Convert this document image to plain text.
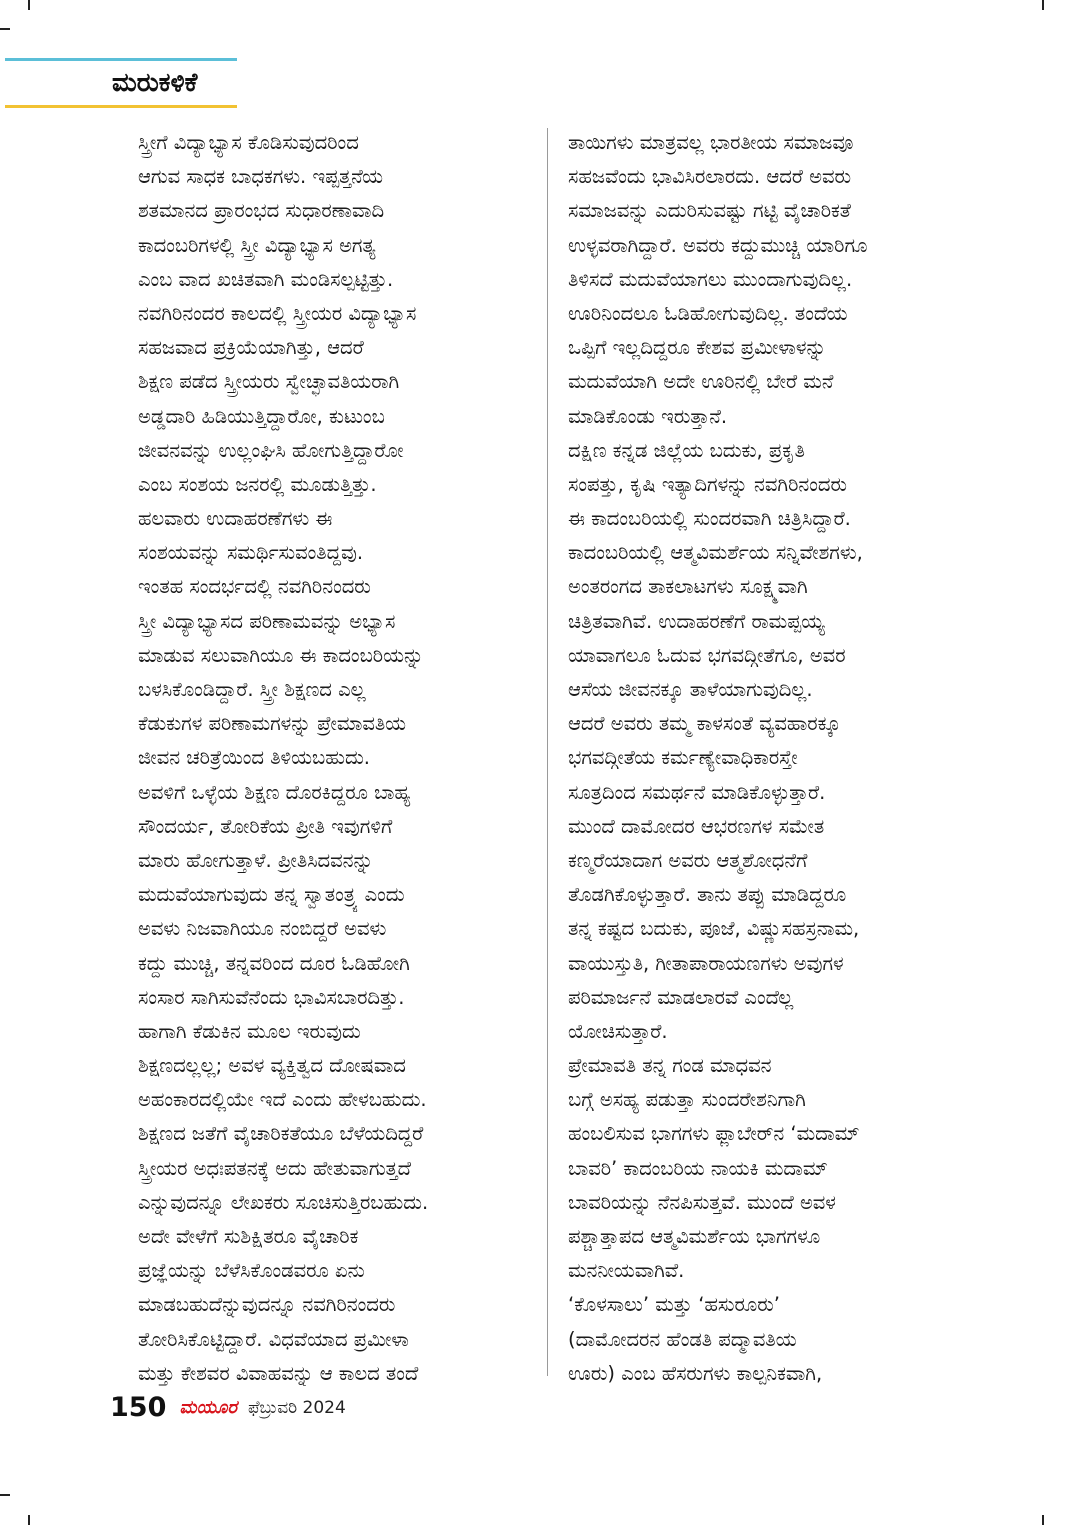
ಮರುಕಳಿಕೆ
ಸ್ತ್ರೀಗೆ ವಿದ್ಯಾಭ್ಯಾಸ ಕೊಡಿಸುವುದರಿಂದ
ಆಗುವ ಸಾಧಕ ಬಾಧಕಗಳು. ಇಪ್ಪತ್ತನೆಯ
ಶತಮಾನದ ಪ್ರಾರಂಭದ ಸುಧಾರಣಾವಾದಿ
ಕಾದಂಬರಿಗಳಲ್ಲಿ ಸ್ತ್ರೀ ವಿದ್ಯಾಭ್ಯಾಸ ಅಗತ್ಯ
ಎಂಬ ವಾದ ಖಚಿತವಾಗಿ ಮಂಡಿಸಲ್ಪಟ್ಟಿತ್ತು.
ನವಗಿರಿನಂದರ ಕಾಲದಲ್ಲಿ ಸ್ತ್ರೀಯರ ವಿದ್ಯಾಭ್ಯಾಸ
ಸಹಜವಾದ ಪ್ರಕ್ರಿಯೆಯಾಗಿತ್ತು, ಆದರೆ
ಶಿಕ್ಷಣ ಪಡೆದ ಸ್ತ್ರೀಯರು ಸ್ವೇಚ್ಛಾವತಿಯರಾಗಿ
ಅಡ್ಡದಾರಿ ಹಿಡಿಯುತ್ತಿದ್ದಾರೋ, ಕುಟುಂಬ
ಜೀವನವನ್ನು ಉಲ್ಲಂಘಿಸಿ ಹೋಗುತ್ತಿದ್ದಾರೋ
ಎಂಬ ಸಂಶಯ ಜನರಲ್ಲಿ ಮೂಡುತ್ತಿತ್ತು.
ಹಲವಾರು ಉದಾಹರಣೆಗಳು ಈ
ಸಂಶಯವನ್ನು ಸಮರ್ಥಿಸುವಂತಿದ್ದವು.
ಇಂತಹ ಸಂದರ್ಭದಲ್ಲಿ ನವಗಿರಿನಂದರು
ಸ್ತ್ರೀ ವಿದ್ಯಾಭ್ಯಾಸದ ಪರಿಣಾಮವನ್ನು ಅಭ್ಯಾಸ
ಮಾಡುವ ಸಲುವಾಗಿಯೂ ಈ ಕಾದಂಬರಿಯನ್ನು
ಬಳಸಿಕೊಂಡಿದ್ದಾರೆ. ಸ್ತ್ರೀ ಶಿಕ್ಷಣದ ಎಲ್ಲ
ಕೆಡುಕುಗಳ ಪರಿಣಾಮಗಳನ್ನು ಪ್ರೇಮಾವತಿಯ
ಜೀವನ ಚರಿತ್ರೆಯಿಂದ ತಿಳಿಯಬಹುದು.
ಅವಳಿಗೆ ಒಳ್ಳೆಯ ಶಿಕ್ಷಣ ದೊರಕಿದ್ದರೂ ಬಾಹ್ಯ
ಸೌಂದರ್ಯ, ತೋರಿಕೆಯ ಪ್ರೀತಿ ಇವುಗಳಿಗೆ
ಮಾರು ಹೋಗುತ್ತಾಳೆ. ಪ್ರೀತಿಸಿದವನನ್ನು
ಮದುವೆಯಾಗುವುದು ತನ್ನ ಸ್ವಾತಂತ್ರ್ಯ ಎಂದು
ಅವಳು ನಿಜವಾಗಿಯೂ ನಂಬಿದ್ದರೆ ಅವಳು
ಕದ್ದು ಮುಚ್ಚಿ, ತನ್ನವರಿಂದ ದೂರ ಓಡಿಹೋಗಿ
ಸಂಸಾರ ಸಾಗಿಸುವೆನೆಂದು ಭಾವಿಸಬಾರದಿತ್ತು.
ಹಾಗಾಗಿ ಕೆಡುಕಿನ ಮೂಲ ಇರುವುದು
ಶಿಕ್ಷಣದಲ್ಲಲ್ಲ; ಅವಳ ವ್ಯಕ್ತಿತ್ವದ ದೋಷವಾದ
ಅಹಂಕಾರದಲ್ಲಿಯೇ ಇದೆ ಎಂದು ಹೇಳಬಹುದು.
ಶಿಕ್ಷಣದ ಜತೆಗೆ ವೈಚಾರಿಕತೆಯೂ ಬೆಳೆಯದಿದ್ದರೆ
ಸ್ತ್ರೀಯರ ಅಧಃಪತನಕ್ಕೆ ಅದು ಹೇತುವಾಗುತ್ತದೆ
ಎನ್ನುವುದನ್ನೂ ಲೇಖಕರು ಸೂಚಿಸುತ್ತಿರಬಹುದು.
ಅದೇ ವೇಳೆಗೆ ಸುಶಿಕ್ಷಿತರೂ ವೈಚಾರಿಕ
ಪ್ರಜ್ಞೆಯನ್ನು ಬೆಳೆಸಿಕೊಂಡವರೂ ಏನು
ಮಾಡಬಹುದೆನ್ನುವುದನ್ನೂ ನವಗಿರಿನಂದರು
ತೋರಿಸಿಕೊಟ್ಟಿದ್ದಾರೆ. ವಿಧವೆಯಾದ ಪ್ರಮೀಳಾ
ಮತ್ತು ಕೇಶವರ ವಿವಾಹವನ್ನು ಆ ಕಾಲದ ತಂದೆ
ತಾಯಿಗಳು ಮಾತ್ರವಲ್ಲ ಭಾರತೀಯ ಸಮಾಜವೂ
ಸಹಜವೆಂದು ಭಾವಿಸಿರಲಾರದು. ಆದರೆ ಅವರು
ಸಮಾಜವನ್ನು ಎದುರಿಸುವಷ್ಟು ಗಟ್ಟಿ ವೈಚಾರಿಕತೆ
ಉಳ್ಳವರಾಗಿದ್ದಾರೆ. ಅವರು ಕದ್ದುಮುಚ್ಚಿ ಯಾರಿಗೂ
ತಿಳಿಸದೆ ಮದುವೆಯಾಗಲು ಮುಂದಾಗುವುದಿಲ್ಲ.
ಊರಿನಿಂದಲೂ ಓಡಿಹೋಗುವುದಿಲ್ಲ. ತಂದೆಯ
ಒಪ್ಪಿಗೆ ಇಲ್ಲದಿದ್ದರೂ ಕೇಶವ ಪ್ರಮೀಳಾಳನ್ನು
ಮದುವೆಯಾಗಿ ಅದೇ ಊರಿನಲ್ಲಿ ಬೇರೆ ಮನೆ
ಮಾಡಿಕೊಂಡು ಇರುತ್ತಾನೆ.
ದಕ್ಷಿಣ ಕನ್ನಡ ಜಿಲ್ಲೆಯ ಬದುಕು, ಪ್ರಕೃತಿ
ಸಂಪತ್ತು, ಕೃಷಿ ಇತ್ಯಾದಿಗಳನ್ನು ನವಗಿರಿನಂದರು
ಈ ಕಾದಂಬರಿಯಲ್ಲಿ ಸುಂದರವಾಗಿ ಚಿತ್ರಿಸಿದ್ದಾರೆ.
ಕಾದಂಬರಿಯಲ್ಲಿ ಆತ್ಮವಿಮರ್ಶೆಯ ಸನ್ನಿವೇಶಗಳು,
ಅಂತರಂಗದ ತಾಕಲಾಟಗಳು ಸೂಕ್ಷ್ಮವಾಗಿ
ಚಿತ್ರಿತವಾಗಿವೆ. ಉದಾಹರಣೆಗೆ ರಾಮಪ್ಪಯ್ಯ
ಯಾವಾಗಲೂ ಓದುವ ಭಗವದ್ಗೀತೆಗೂ, ಅವರ
ಆಸೆಯ ಜೀವನಕ್ಕೂ ತಾಳೆಯಾಗುವುದಿಲ್ಲ.
ಆದರೆ ಅವರು ತಮ್ಮ ಕಾಳಸಂತೆ ವ್ಯವಹಾರಕ್ಕೂ
ಭಗವದ್ಗೀತೆಯ ಕರ್ಮಣ್ಯೇವಾಧಿಕಾರಸ್ತೇ
ಸೂತ್ರದಿಂದ ಸಮರ್ಥನೆ ಮಾಡಿಕೊಳ್ಳುತ್ತಾರೆ.
ಮುಂದೆ ದಾಮೋದರ ಆಭರಣಗಳ ಸಮೇತ
ಕಣ್ಮರೆಯಾದಾಗ ಅವರು ಆತ್ಮಶೋಧನೆಗೆ
ತೊಡಗಿಕೊಳ್ಳುತ್ತಾರೆ. ತಾನು ತಪ್ಪು ಮಾಡಿದ್ದರೂ
ತನ್ನ ಕಷ್ಟದ ಬದುಕು, ಪೂಜೆ, ವಿಷ್ಣುಸಹಸ್ರನಾಮ,
ವಾಯುಸ್ತುತಿ, ಗೀತಾಪಾರಾಯಣಗಳು ಅವುಗಳ
ಪರಿಮಾರ್ಜನೆ ಮಾಡಲಾರವೆ ಎಂದೆಲ್ಲ
ಯೋಚಿಸುತ್ತಾರೆ.
ಪ್ರೇಮಾವತಿ ತನ್ನ ಗಂಡ ಮಾಧವನ
ಬಗ್ಗೆ ಅಸಹ್ಯ ಪಡುತ್ತಾ ಸುಂದರೇಶನಿಗಾಗಿ
ಹಂಬಲಿಸುವ ಭಾಗಗಳು ಫ್ಲಾಬೇರ್‌ನ ‘ಮದಾಮ್
ಬಾವರಿ’ ಕಾದಂಬರಿಯ ನಾಯಕಿ ಮದಾಮ್
ಬಾವರಿಯನ್ನು ನೆನಪಿಸುತ್ತವೆ. ಮುಂದೆ ಅವಳ
ಪಶ್ಚಾತ್ತಾಪದ ಆತ್ಮವಿಮರ್ಶೆಯ ಭಾಗಗಳೂ
ಮನನೀಯವಾಗಿವೆ.
‘ಕೊಳಸಾಲು’ ಮತ್ತು ‘ಹಸುರೂರು’
(ದಾಮೋದರನ ಹೆಂಡತಿ ಪದ್ಮಾವತಿಯ
ಊರು) ಎಂಬ ಹೆಸರುಗಳು ಕಾಲ್ಪನಿಕವಾಗಿ,
150 ಮಯೂರ ಫೆಬ್ರುವರಿ 2024
